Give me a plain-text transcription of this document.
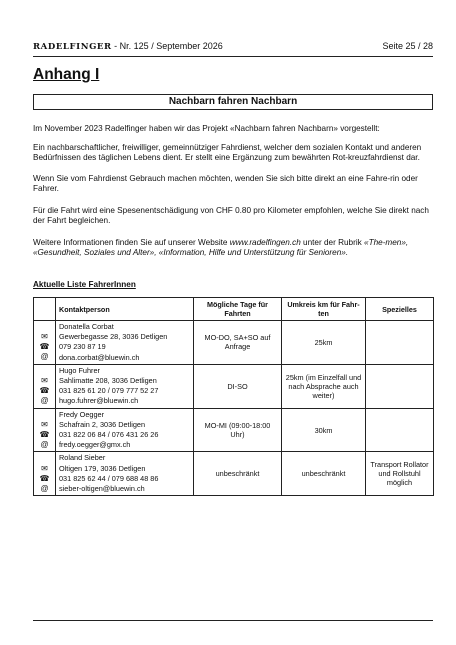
RADELFINGER - Nr. 125 / September 2026	Seite 25 / 28
Anhang I
Nachbarn fahren Nachbarn

Im November 2023 Radelfinger haben wir das Projekt «Nachbarn fahren Nachbarn» vorgestellt:

Ein nachbarschaftlicher, freiwilliger, gemeinnütziger Fahrdienst, welcher dem sozialen Kontakt und anderen Bedürfnissen des täglichen Lebens dient. Er stellt eine Ergänzung zum bewährten Rot-kreuzfahrdienst dar.

Wenn Sie vom Fahrdienst Gebrauch machen möchten, wenden Sie sich bitte direkt an eine Fahre-rin oder Fahrer.

Für die Fahrt wird eine Spesenentschädigung von CHF 0.80 pro Kilometer empfohlen, welche Sie direkt nach der Fahrt begleichen.

Weitere Informationen finden Sie auf unserer Website www.radelfingen.ch unter der Rubrik «The-men», «Gesundheit, Soziales und Alter», «Information, Hilfe und Unterstützung für Senioren».

Aktuelle Liste FahrerInnen
	Kontaktperson	Mögliche Tage für Fahrten	Umkreis km für Fahr-ten	Spezielles

✉
☎
@	Donatella Corbat
Gewerbegasse 28, 3036 Detligen
079 230 87 19
dona.corbat@bluewin.ch	MO-DO, SA+SO auf Anfrage	25km	

✉
☎
@	Hugo Fuhrer
Sahlimatte 208, 3036 Detligen
031 825 61 20 / 079 777 52 27
hugo.fuhrer@bluewin.ch	DI-SO	25km (im Einzelfall und nach Absprache auch weiter)	

✉
☎
@	Fredy Oegger
Schafrain 2, 3036 Detligen
031 822 06 84 / 076 431 26 26
fredy.oegger@gmx.ch	MO-MI (09:00-18:00 Uhr)	30km	

✉
☎
@	Roland Sieber
Oltigen 179, 3036 Detligen
031 825 62 44 / 079 688 48 86
sieber-oltigen@bluewin.ch	unbeschränkt	unbeschränkt	Transport Rollator und Rollstuhl möglich
